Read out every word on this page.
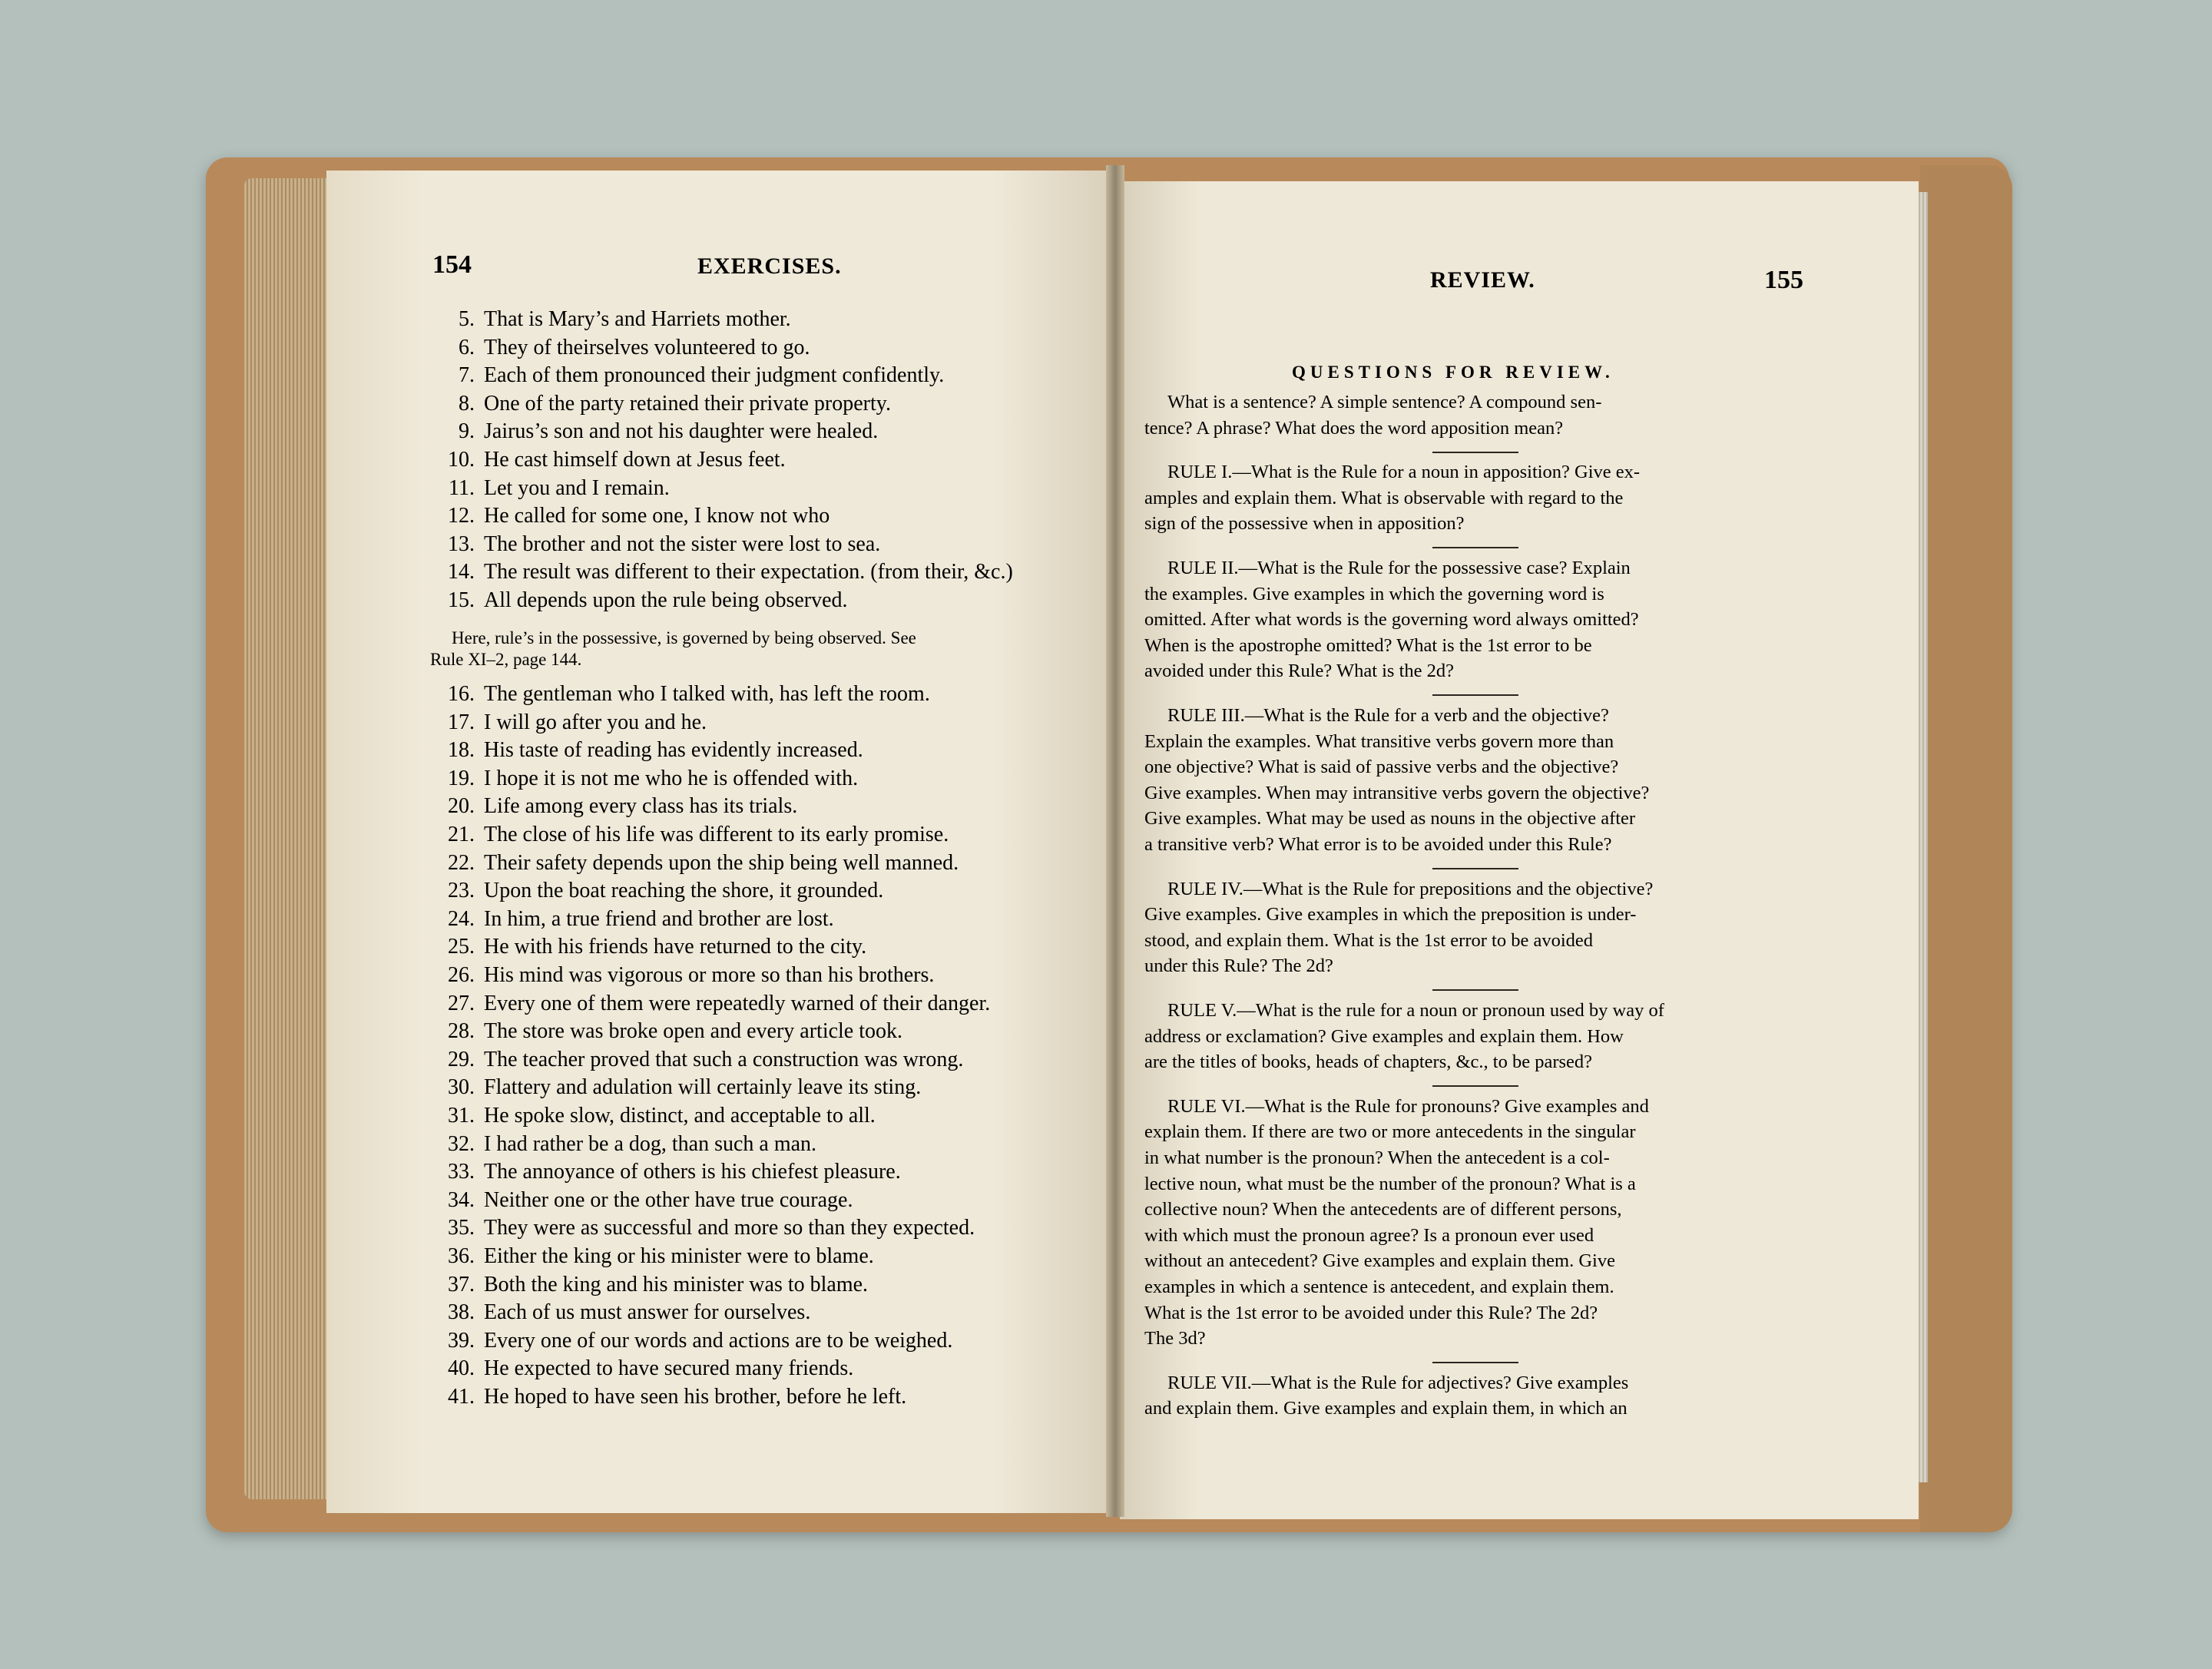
154	EXERCISES.
5. That is Mary’s and Harriets mother.
6. They of theirselves volunteered to go.
7. Each of them pronounced their judgment confidently.
8. One of the party retained their private property.
9. Jairus’s son and not his daughter were healed.
10. He cast himself down at Jesus feet.
11. Let you and I remain.
12. He called for some one, I know not who
13. The brother and not the sister were lost to sea.
14. The result was different to their expectation. (from their, &c.)
15. All depends upon the rule being observed.
Here, rule’s in the possessive, is governed by being observed. See
Rule XI–2, page 144.
16. The gentleman who I talked with, has left the room.
17. I will go after you and he.
18. His taste of reading has evidently increased.
19. I hope it is not me who he is offended with.
20. Life among every class has its trials.
21. The close of his life was different to its early promise.
22. Their safety depends upon the ship being well manned.
23. Upon the boat reaching the shore, it grounded.
24. In him, a true friend and brother are lost.
25. He with his friends have returned to the city.
26. His mind was vigorous or more so than his brothers.
27. Every one of them were repeatedly warned of their danger.
28. The store was broke open and every article took.
29. The teacher proved that such a construction was wrong.
30. Flattery and adulation will certainly leave its sting.
31. He spoke slow, distinct, and acceptable to all.
32. I had rather be a dog, than such a man.
33. The annoyance of others is his chiefest pleasure.
34. Neither one or the other have true courage.
35. They were as successful and more so than they expected.
36. Either the king or his minister were to blame.
37. Both the king and his minister was to blame.
38. Each of us must answer for ourselves.
39. Every one of our words and actions are to be weighed.
40. He expected to have secured many friends.
41. He hoped to have seen his brother, before he left.
REVIEW.	155
QUESTIONS FOR REVIEW.
What is a sentence? A simple sentence? A compound sen-
tence? A phrase? What does the word apposition mean?
RULE I.—What is the Rule for a noun in apposition? Give ex-
amples and explain them. What is observable with regard to the
sign of the possessive when in apposition?
RULE II.—What is the Rule for the possessive case? Explain
the examples. Give examples in which the governing word is
omitted. After what words is the governing word always omitted?
When is the apostrophe omitted? What is the 1st error to be
avoided under this Rule? What is the 2d?
RULE III.—What is the Rule for a verb and the objective?
Explain the examples. What transitive verbs govern more than
one objective? What is said of passive verbs and the objective?
Give examples. When may intransitive verbs govern the objective?
Give examples. What may be used as nouns in the objective after
a transitive verb? What error is to be avoided under this Rule?
RULE IV.—What is the Rule for prepositions and the objective?
Give examples. Give examples in which the preposition is under-
stood, and explain them. What is the 1st error to be avoided
under this Rule? The 2d?
RULE V.—What is the rule for a noun or pronoun used by way of
address or exclamation? Give examples and explain them. How
are the titles of books, heads of chapters, &c., to be parsed?
RULE VI.—What is the Rule for pronouns? Give examples and
explain them. If there are two or more antecedents in the singular
in what number is the pronoun? When the antecedent is a col-
lective noun, what must be the number of the pronoun? What is a
collective noun? When the antecedents are of different persons,
with which must the pronoun agree? Is a pronoun ever used
without an antecedent? Give examples and explain them. Give
examples in which a sentence is antecedent, and explain them.
What is the 1st error to be avoided under this Rule? The 2d?
The 3d?
RULE VII.—What is the Rule for adjectives? Give examples
and explain them. Give examples and explain them, in which an
